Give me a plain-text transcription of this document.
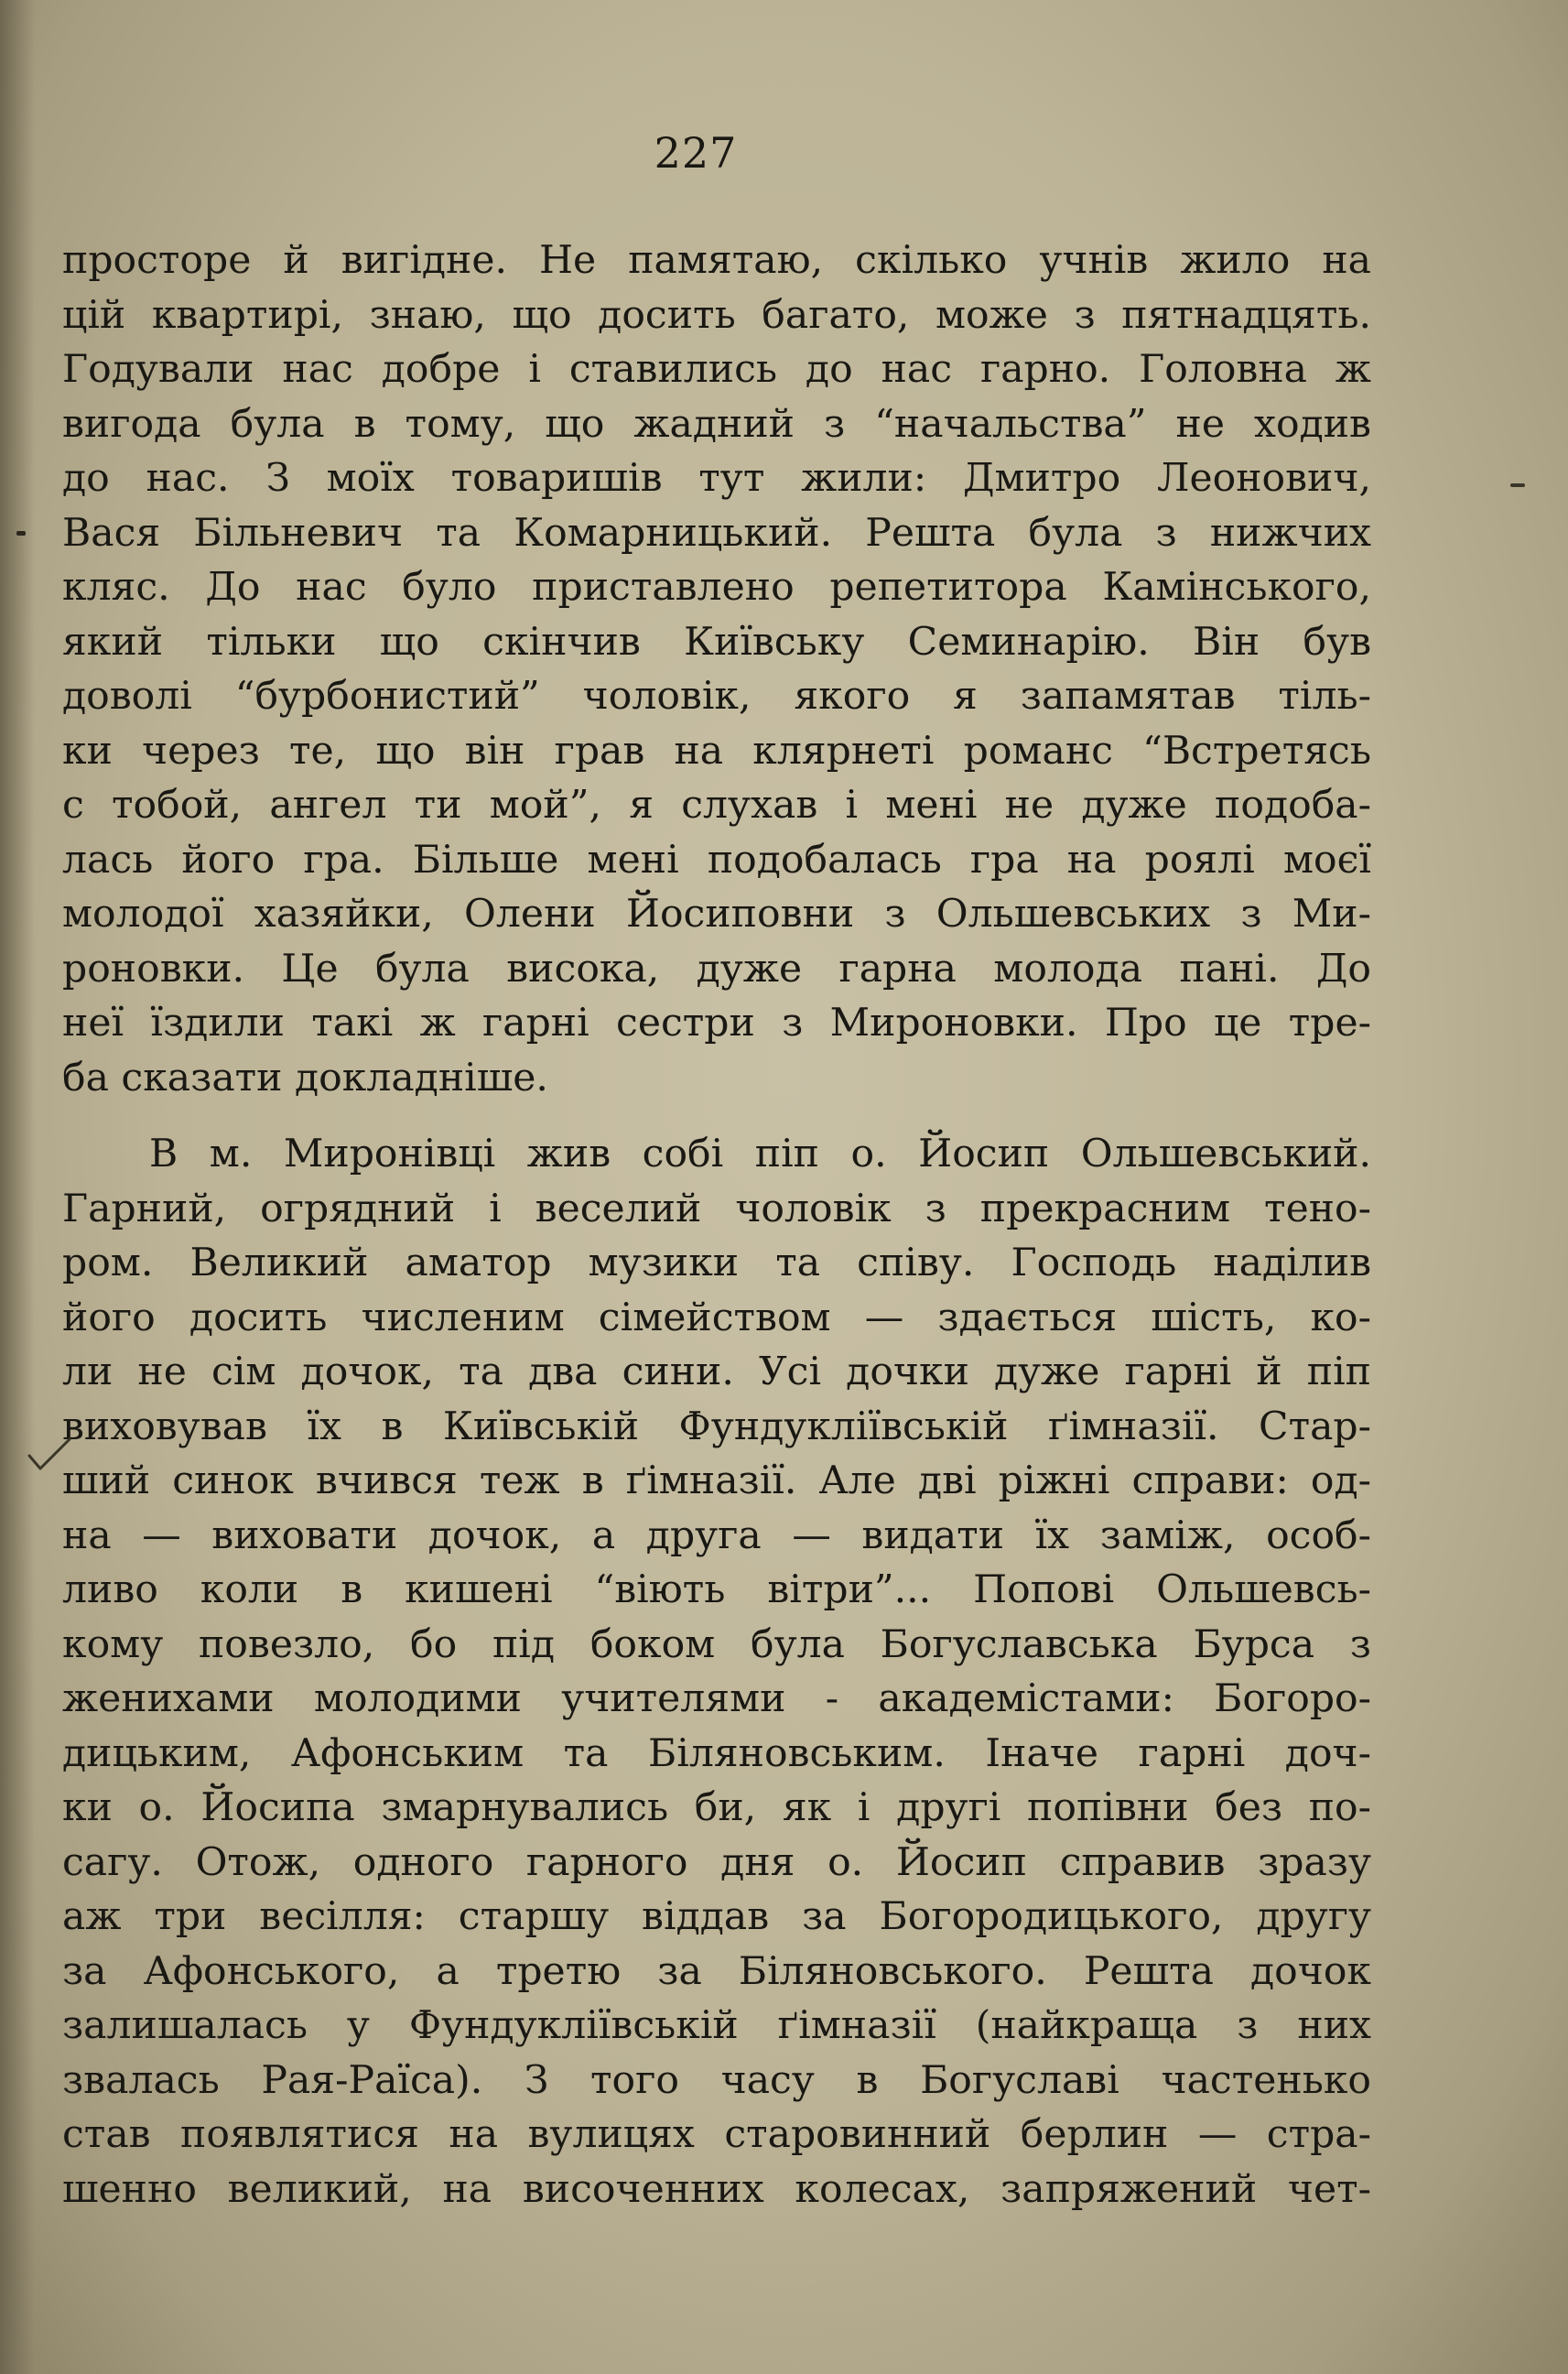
227
просторе й вигідне. Не памятаю, скілько учнів жило на
цій квартирі, знаю, що досить багато, може з пятнадцять.
Годували нас добре і ставились до нас гарно. Головна ж
вигода була в тому, що жадний з “начальства” не ходив
до нас. З моїх товаришів тут жили: Дмитро Леонович,
Вася Більневич та Комарницький. Решта була з нижчих
кляс. До нас було приставлено репетитора Камінського,
який тільки що скінчив Київську Семинарію. Він був
доволі “бурбонистий” чоловік, якого я запамятав тіль-
ки через те, що він грав на клярнеті романс “Встретясь
с тобой, ангел ти мой”, я слухав і мені не дуже подоба-
лась його гра. Більше мені подобалась гра на роялі моєї
молодої хазяйки, Олени Йосиповни з Ольшевських з Ми-
роновки. Це була висока, дуже гарна молода пані. До
неї їздили такі ж гарні сестри з Мироновки. Про це тре-
ба сказати докладніше.
В м. Миронівці жив собі піп о. Йосип Ольшевський.
Гарний, огрядний і веселий чоловік з прекрасним тено-
ром. Великий аматор музики та співу. Господь наділив
його досить численим сімейством — здається шість, ко-
ли не сім дочок, та два сини. Усі дочки дуже гарні й піп
виховував їх в Київській Фундукліївській ґімназії. Стар-
ший синок вчився теж в ґімназії. Але дві ріжні справи: од-
на — виховати дочок, а друга — видати їх заміж, особ-
ливо коли в кишені “віють вітри”... Попові Ольшевсь-
кому повезло, бо під боком була Богуславська Бурса з
женихами молодими учителями - академістами: Богоро-
дицьким, Афонським та Біляновським. Іначе гарні доч-
ки о. Йосипа змарнувались би, як і другі попівни без по-
сагу. Отож, одного гарного дня о. Йосип справив зразу
аж три весілля: старшу віддав за Богородицького, другу
за Афонського, а третю за Біляновського. Решта дочок
залишалась у Фундукліївській ґімназії (найкраща з них
звалась Рая-Раїса). З того часу в Богуславі частенько
став появлятися на вулицях старовинний берлин — стра-
шенно великий, на височенних колесах, запряжений чет-
